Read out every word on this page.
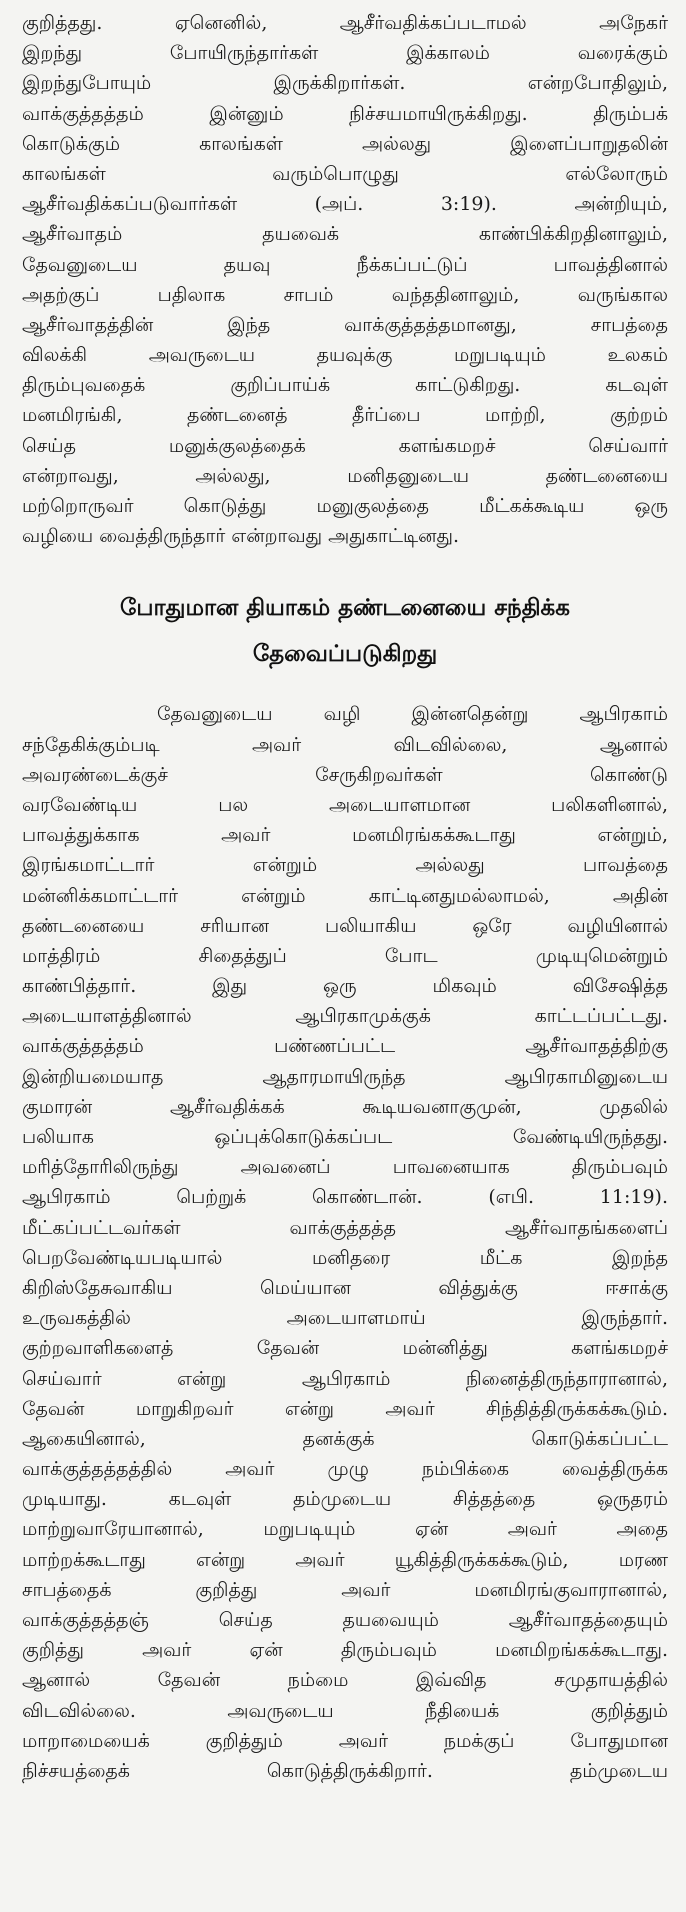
குறித்தது. ஏனெனில், ஆசீர்வதிக்கப்படாமல் அநேகர்
இறந்து போயிருந்தார்கள் இக்காலம் வரைக்கும்
இறந்துபோயும் இருக்கிறார்கள். என்றபோதிலும்,
வாக்குத்தத்தம் இன்னும் நிச்சயமாயிருக்கிறது. திரும்பக்
கொடுக்கும் காலங்கள் அல்லது இளைப்பாறுதலின்
காலங்கள் வரும்பொழுது எல்லோரும்
ஆசீர்வதிக்கப்படுவார்கள் (அப். 3:19). அன்றியும்,
ஆசீர்வாதம் தயவைக் காண்பிக்கிறதினாலும்,
தேவனுடைய தயவு நீக்கப்பட்டுப் பாவத்தினால்
அதற்குப் பதிலாக சாபம் வந்ததினாலும், வருங்கால
ஆசீர்வாதத்தின் இந்த வாக்குத்தத்தமானது, சாபத்தை
விலக்கி அவருடைய தயவுக்கு மறுபடியும் உலகம்
திரும்புவதைக் குறிப்பாய்க் காட்டுகிறது. கடவுள்
மனமிரங்கி, தண்டனைத் தீர்ப்பை மாற்றி, குற்றம்
செய்த மனுக்குலத்தைக் களங்கமறச் செய்வார்
என்றாவது, அல்லது, மனிதனுடைய தண்டனையை
மற்றொருவர் கொடுத்து மனுகுலத்தை மீட்கக்கூடிய ஒரு
வழியை வைத்திருந்தார் என்றாவது அதுகாட்டினது.
போதுமான தியாகம் தண்டனையை சந்திக்க
தேவைப்படுகிறது
தேவனுடைய வழி இன்னதென்று ஆபிரகாம்
சந்தேகிக்கும்படி அவர் விடவில்லை, ஆனால்
அவரண்டைக்குச் சேருகிறவர்கள் கொண்டு
வரவேண்டிய பல அடையாளமான பலிகளினால்,
பாவத்துக்காக அவர் மனமிரங்கக்கூடாது என்றும்,
இரங்கமாட்டார் என்றும் அல்லது பாவத்தை
மன்னிக்கமாட்டார் என்றும் காட்டினதுமல்லாமல், அதின்
தண்டனையை சரியான பலியாகிய ஒரே வழியினால்
மாத்திரம் சிதைத்துப் போட முடியுமென்றும்
காண்பித்தார். இது ஒரு மிகவும் விசேஷித்த
அடையாளத்தினால் ஆபிரகாமுக்குக் காட்டப்பட்டது.
வாக்குத்தத்தம் பண்ணப்பட்ட ஆசீர்வாதத்திற்கு
இன்றியமையாத ஆதாரமாயிருந்த ஆபிரகாமினுடைய
குமாரன் ஆசீர்வதிக்கக் கூடியவனாகுமுன், முதலில்
பலியாக ஒப்புக்கொடுக்கப்பட வேண்டியிருந்தது.
மரித்தோரிலிருந்து அவனைப் பாவனையாக திரும்பவும்
ஆபிரகாம் பெற்றுக் கொண்டான். (எபி. 11:19).
மீட்கப்பட்டவர்கள் வாக்குத்தத்த ஆசீர்வாதங்களைப்
பெறவேண்டியபடியால் மனிதரை மீட்க இறந்த
கிறிஸ்தேசுவாகிய மெய்யான வித்துக்கு ஈசாக்கு
உருவகத்தில் அடையாளமாய் இருந்தார்.
குற்றவாளிகளைத் தேவன் மன்னித்து களங்கமறச்
செய்வார் என்று ஆபிரகாம் நினைத்திருந்தாரானால்,
தேவன் மாறுகிறவர் என்று அவர் சிந்தித்திருக்கக்கூடும்.
ஆகையினால், தனக்குக் கொடுக்கப்பட்ட
வாக்குத்தத்தத்தில் அவர் முழு நம்பிக்கை வைத்திருக்க
முடியாது. கடவுள் தம்முடைய சித்தத்தை ஒருதரம்
மாற்றுவாரேயானால், மறுபடியும் ஏன் அவர் அதை
மாற்றக்கூடாது என்று அவர் யூகித்திருக்கக்கூடும், மரண
சாபத்தைக் குறித்து அவர் மனமிரங்குவாரானால்,
வாக்குத்தத்தஞ் செய்த தயவையும் ஆசீர்வாதத்தையும்
குறித்து அவர் ஏன் திரும்பவும் மனமிறங்கக்கூடாது.
ஆனால் தேவன் நம்மை இவ்வித சமுதாயத்தில்
விடவில்லை. அவருடைய நீதியைக் குறித்தும்
மாறாமையைக் குறித்தும் அவர் நமக்குப் போதுமான
நிச்சயத்தைக் கொடுத்திருக்கிறார். தம்முடைய
